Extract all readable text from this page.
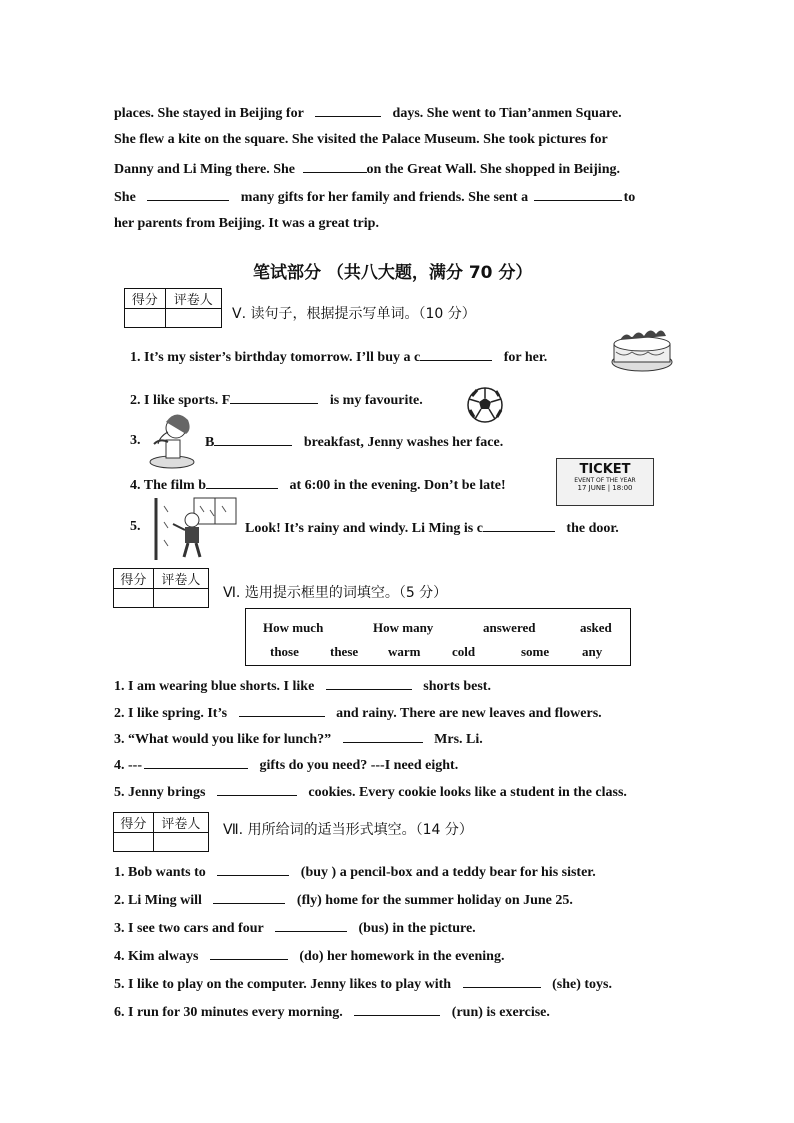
places. She stayed in Beijing for	days. She went to Tian’anmen Square.
She flew a kite on the square. She visited the Palace Museum. She took pictures for
Danny and Li Ming there. She	on the Great Wall. She shopped in Beijing.
She	many gifts for her family and friends. She sent a	to
her parents from Beijing. It was a great trip.
笔试部分 （共八大题，满分 70 分）
得分	评卷人

Ⅴ. 读句子，根据提示写单词。（10 分）
1. It’s my sister’s birthday tomorrow. I’ll buy a c	for her.
2. I like sports. F	is my favourite.
3.	B	breakfast, Jenny washes her face.
4. The film b	at 6:00 in the evening. Don’t be late!
TICKET
EVENT OF THE YEAR
17 JUNE | 18:00
5.	Look! It’s rainy and windy. Li Ming is c	the door.
得分	评卷人

Ⅵ. 选用提示框里的词填空。（5 分）
How much	How many	answered	asked
those these warm cold	some	any
1. I am wearing blue shorts. I like	shorts best.
2. I like spring. It’s	and rainy. There are new leaves and flowers.
3. “What would you like for lunch?”	Mrs. Li.
4. ---	gifts do you need? ---I need eight.
5. Jenny brings	cookies. Every cookie looks like a student in the class.
得分	评卷人
	Ⅶ. 用所给词的适当形式填空。（14 分）
1. Bob wants to	(buy ) a pencil-box and a teddy bear for his sister.
2. Li Ming will	(fly) home for the summer holiday on June 25.
3. I see two cars and four	(bus) in the picture.
4. Kim always	(do) her homework in the evening.
5. I like to play on the computer. Jenny likes to play with	(she) toys.
6. I run for 30 minutes every morning.	(run) is exercise.
